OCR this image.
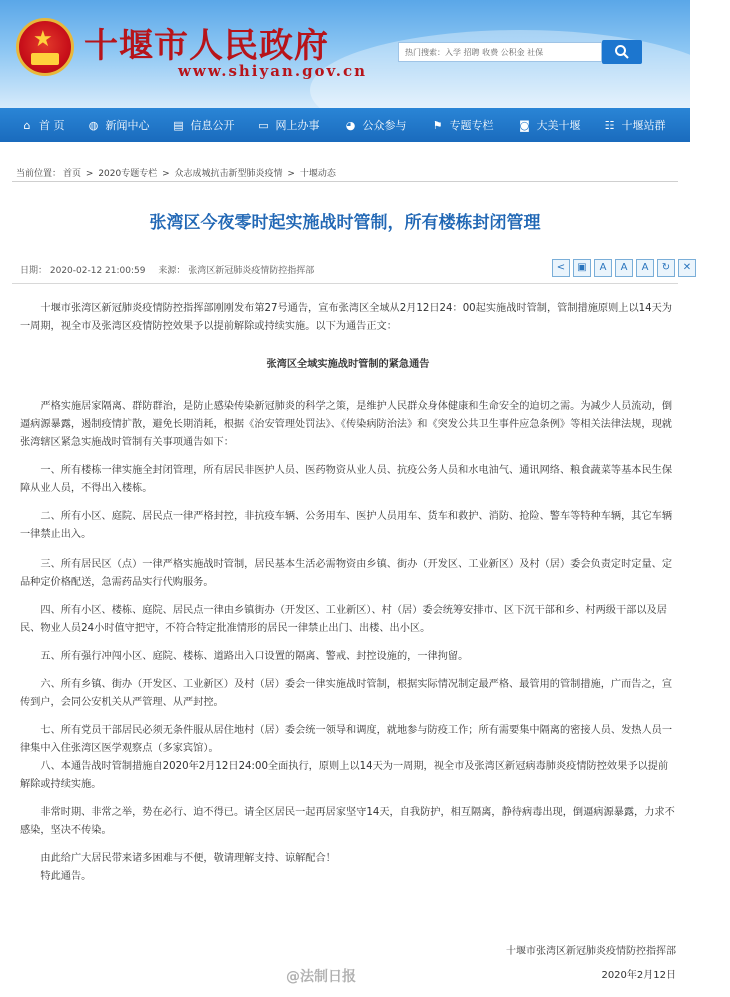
★ 十堰市人民政府
www.shiyan.gov.cn
热门搜索：入学 招聘 收费 公积金 社保
⌂ 首 页 ◍ 新闻中心 ▤ 信息公开 ▭ 网上办事 ◕ 公众参与 ⚑ 专题专栏 ◙ 大美十堰 ☷ 十堰站群
当前位置： 首页 > 2020专题专栏 > 众志成城抗击新型肺炎疫情 > 十堰动态
张湾区今夜零时起实施战时管制，所有楼栋封闭管理
日期： 2020-02-12 21:00:59 来源： 张湾区新冠肺炎疫情防控指挥部	<	▣	A	A	A	↻	✕

十堰市张湾区新冠肺炎疫情防控指挥部刚刚发布第27号通告，宣布张湾区全域从2月12日24：00起实施战时管制，管制措施原则上以14天为一周期，视全市及张湾区疫情防控效果予以提前解除或持续实施。以下为通告正文：

张湾区全域实施战时管制的紧急通告

严格实施居家隔离、群防群治，是防止感染传染新冠肺炎的科学之策，是维护人民群众身体健康和生命安全的迫切之需。为减少人员流动，倒逼病源暴露，遏制疫情扩散，避免长期消耗，根据《治安管理处罚法》、《传染病防治法》和《突发公共卫生事件应急条例》等相关法律法规，现就张湾辖区紧急实施战时管制有关事项通告如下：

一、所有楼栋一律实施全封闭管理，所有居民非医护人员、医药物资从业人员、抗疫公务人员和水电油气、通讯网络、粮食蔬菜等基本民生保障从业人员，不得出入楼栋。

二、所有小区、庭院、居民点一律严格封控，非抗疫车辆、公务用车、医护人员用车、货车和救护、消防、抢险、警车等特种车辆，其它车辆一律禁止出入。

三、所有居民区（点）一律严格实施战时管制，居民基本生活必需物资由乡镇、街办（开发区、工业新区）及村（居）委会负责定时定量、定品种定价格配送，急需药品实行代购服务。

四、所有小区、楼栋、庭院、居民点一律由乡镇街办（开发区、工业新区）、村（居）委会统筹安排市、区下沉干部和乡、村两级干部以及居民、物业人员24小时值守把守，不符合特定批准情形的居民一律禁止出门、出楼、出小区。

五、所有强行冲闯小区、庭院、楼栋、道路出入口设置的隔离、警戒、封控设施的，一律拘留。

六、所有乡镇、街办（开发区、工业新区）及村（居）委会一律实施战时管制，根据实际情况制定最严格、最管用的管制措施，广而告之，宣传到户，会同公安机关从严管理、从严封控。

七、所有党员干部居民必须无条件服从居住地村（居）委会统一领导和调度，就地参与防疫工作；所有需要集中隔离的密接人员、发热人员一律集中入住张湾区医学观察点（多家宾馆）。

八、本通告战时管制措施自2020年2月12日24:00全面执行，原则上以14天为一周期，视全市及张湾区新冠病毒肺炎疫情防控效果予以提前解除或持续实施。

非常时期、非常之举，势在必行、迫不得已。请全区居民一起再居家坚守14天，自我防护，相互隔离，静待病毒出现，倒逼病源暴露，力求不感染，坚决不传染。

由此给广大居民带来诸多困难与不便，敬请理解支持、谅解配合！

特此通告。

十堰市张湾区新冠肺炎疫情防控指挥部
@法制日报	2020年2月12日
